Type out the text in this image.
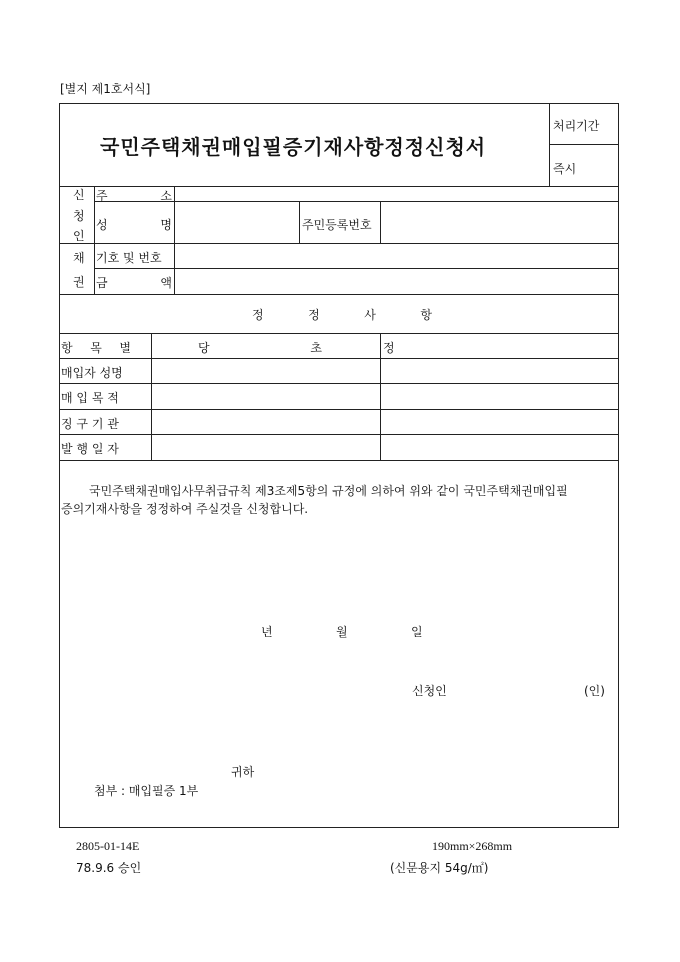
[별지 제1호서식]
국민주택채권매입필증기재사항정정신청서
처리기간
즉시
신
청
인
주	소
성	명	주민등록번호
채
권
기호 및 번호
금	액
정	정	사	항
항 목 별	당	초	정
매입자 성명
매 입 목 적
징 구 기 관
발 행 일 자
국민주택채권매입사무취급규칙 제3조제5항의 규정에 의하여 위와 같이 국민주택채권매입필
증의기재사항을 정정하여 주실것을 신청합니다.
년	월	일
신청인	(인)
귀하
첨부 : 매입필증 1부
2805-01-14E	190mm×268mm
78.9.6 승인	(신문용지 54g/㎡)
